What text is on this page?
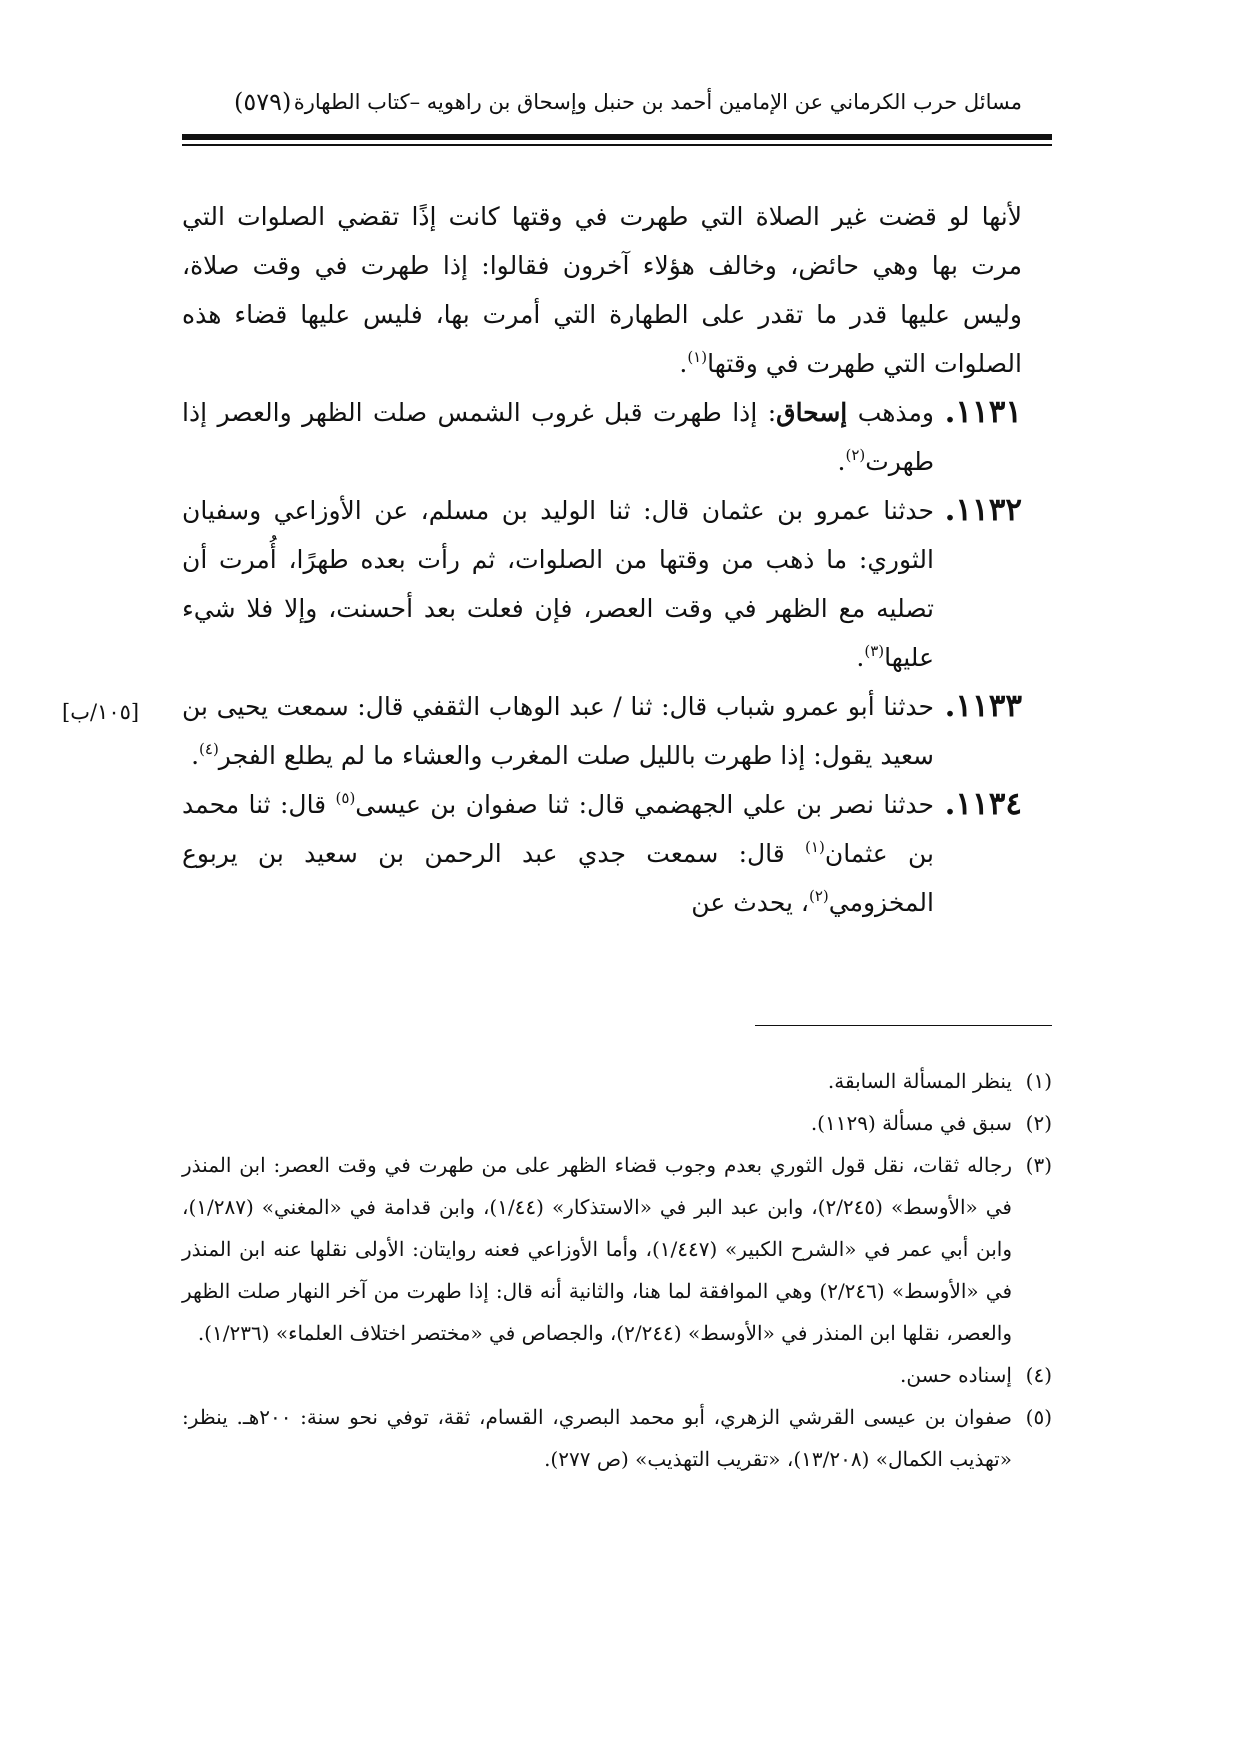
مسائل حرب الكرماني عن الإمامين أحمد بن حنبل وإسحاق بن راهويه –كتاب الطهارة
(٥٧٩)

لأنها لو قضت غير الصلاة التي طهرت في وقتها كانت إذًا تقضي الصلوات التي مرت بها وهي حائض، وخالف هؤلاء آخرون فقالوا: إذا طهرت في وقت صلاة، وليس عليها قدر ما تقدر على الطهارة التي أمرت بها، فليس عليها قضاء هذه الصلوات التي طهرت في وقتها$^{(١)}$.

١١٣١.
ومذهب إسحاق: إذا طهرت قبل غروب الشمس صلت الظهر والعصر إذا طهرت$^{(٢)}$.
١١٣٢.
حدثنا عمرو بن عثمان قال: ثنا الوليد بن مسلم، عن الأوزاعي وسفيان الثوري: ما ذهب من وقتها من الصلوات، ثم رأت بعده طهرًا، أُمرت أن تصليه مع الظهر في وقت العصر، فإن فعلت بعد أحسنت، وإلا فلا شيء عليها$^{(٣)}$.
١١٣٣.
حدثنا أبو عمرو شباب قال: ثنا / عبد الوهاب الثقفي قال: سمعت يحيى بن سعيد يقول: إذا طهرت بالليل صلت المغرب والعشاء ما لم يطلع الفجر$^{(٤)}$.
١١٣٤.
حدثنا نصر بن علي الجهضمي قال: ثنا صفوان بن عيسى$^{(٥)}$ قال: ثنا محمد بن عثمان$^{(١)}$ قال: سمعت جدي عبد الرحمن بن سعيد بن يربوع المخزومي$^{(٢)}$، يحدث عن
[١٠٥/ب]
(١)
ينظر المسألة السابقة.
(٢)
سبق في مسألة (١١٢٩).
(٣)
رجاله ثقات، نقل قول الثوري بعدم وجوب قضاء الظهر على من طهرت في وقت العصر: ابن المنذر في «الأوسط» (٢/٢٤٥)، وابن عبد البر في «الاستذكار» (١/٤٤)، وابن قدامة في «المغني» (١/٢٨٧)، وابن أبي عمر في «الشرح الكبير» (١/٤٤٧)، وأما الأوزاعي فعنه روايتان: الأولى نقلها عنه ابن المنذر في «الأوسط» (٢/٢٤٦) وهي الموافقة لما هنا، والثانية أنه قال: إذا طهرت من آخر النهار صلت الظهر والعصر، نقلها ابن المنذر في «الأوسط» (٢/٢٤٤)، والجصاص في «مختصر اختلاف العلماء» (١/٢٣٦).
(٤)
إسناده حسن.
(٥)
صفوان بن عيسى القرشي الزهري، أبو محمد البصري، القسام، ثقة، توفي نحو سنة: ٢٠٠هـ. ينظر: «تهذيب الكمال» (١٣/٢٠٨)، «تقريب التهذيب» (ص ٢٧٧).
